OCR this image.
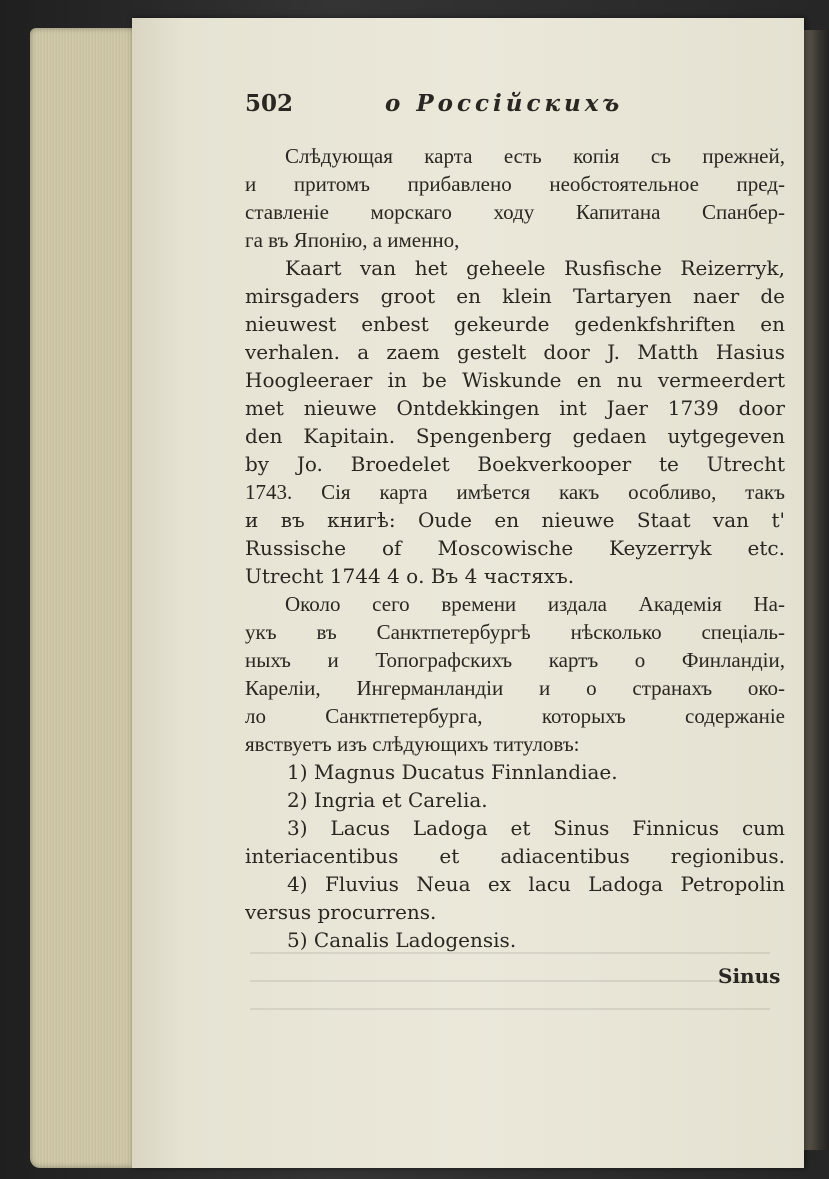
502	о Россійскихъ
Слѣдующая карта есть копія съ прежней,
и притомъ прибавлено необстоятельное пред-
ставленіе морскаго ходу Капитана Спанбер-
га въ Японію, а именно,
Kaart van het geheele Rusfische Reizerryk,
mirsgaders groot en klein Tartaryen naer de
nieuwest enbest gekeurde gedenkfshriften en
verhalen. a zaem gestelt door J. Matth Hasius
Hoogleeraer in be Wiskunde en nu vermeerdert
met nieuwe Ontdekkingen int Jaer 1739 door
den Kapitain. Spengenberg gedaen uytgegeven
by Jo. Broedelet Boekverkooper te Utrecht
1743. Сія карта имѣется какъ особливо, такъ
и въ книгѣ: Oude en nieuwe Staat van t'
Russische of Moscowische Keyzerryk etc.
Utrecht 1744 4 о. Въ 4 частяхъ.
Около сего времени издала Академія На-
укъ въ Санктпетербургѣ нѣсколько спеціаль-
ныхъ и Топографскихъ картъ о Финландіи,
Кареліи, Ингерманландіи и о странахъ око-
ло Санктпетербурга, которыхъ содержаніе
явствуетъ изъ слѣдующихъ титуловъ:
1) Magnus Ducatus Finnlandiae.
2) Ingria et Carelia.
3) Lacus Ladoga et Sinus Finnicus cum
interiacentibus et adiacentibus regionibus.
4) Fluvius Neua ex lacu Ladoga Petropolin
versus procurrens.
5) Canalis Ladogensis.
Sinus
